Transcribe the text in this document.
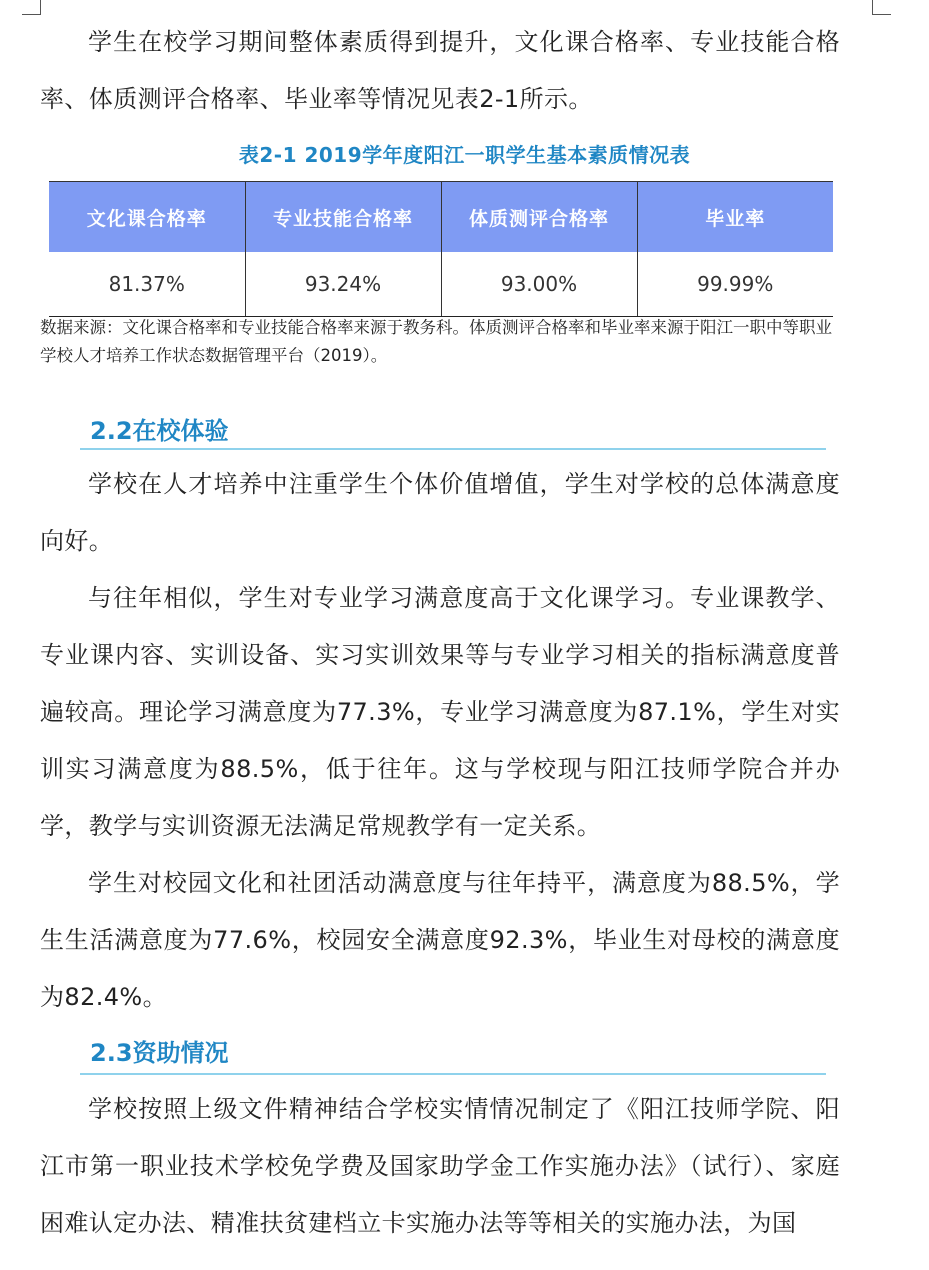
学生在校学习期间整体素质得到提升，文化课合格率、专业技能合格率、体质测评合格率、毕业率等情况见表2-1所示。

表2-1 2019学年度阳江一职学生基本素质情况表
文化课合格率	专业技能合格率	体质测评合格率	毕业率
81.37%	93.24%	93.00%	99.99%

数据来源：文化课合格率和专业技能合格率来源于教务科。体质测评合格率和毕业率来源于阳江一职中等职业学校人才培养工作状态数据管理平台（2019）。

2.2在校体验

学校在人才培养中注重学生个体价值增值，学生对学校的总体满意度向好。

与往年相似，学生对专业学习满意度高于文化课学习。专业课教学、专业课内容、实训设备、实习实训效果等与专业学习相关的指标满意度普遍较高。理论学习满意度为77.3%，专业学习满意度为87.1%，学生对实训实习满意度为88.5%，低于往年。这与学校现与阳江技师学院合并办学，教学与实训资源无法满足常规教学有一定关系。

学生对校园文化和社团活动满意度与往年持平，满意度为88.5%，学生生活满意度为77.6%，校园安全满意度92.3%，毕业生对母校的满意度为82.4%。

2.3资助情况

学校按照上级文件精神结合学校实情情况制定了《阳江技师学院、阳江市第一职业技术学校免学费及国家助学金工作实施办法》（试行）、家庭困难认定办法、精准扶贫建档立卡实施办法等等相关的实施办法，为国
